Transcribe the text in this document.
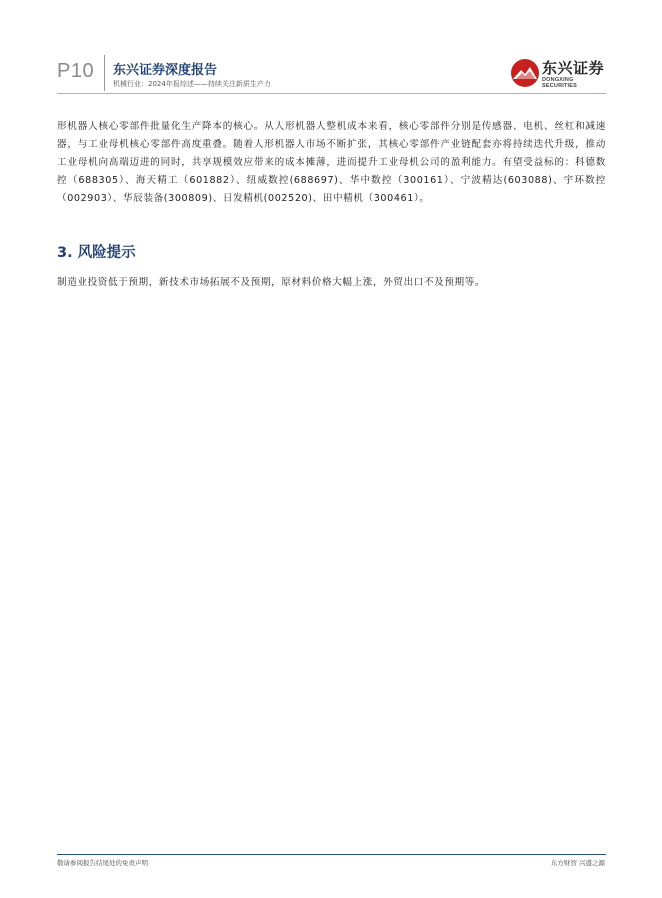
P10 东兴证券深度报告
机械行业：2024年报综述——持续关注新质生产力
东兴证券
DONGXING SECURITIES

形机器人核心零部件批量化生产降本的核心。从人形机器人整机成本来看，核心零部件分别是传感器、电机、丝杠和减速器，与工业母机核心零部件高度重叠。随着人形机器人市场不断扩张，其核心零部件产业链配套亦将持续迭代升级，推动工业母机向高端迈进的同时，共享规模效应带来的成本摊薄，进而提升工业母机公司的盈利能力。有望受益标的：科德数控（688305）、海天精工（601882）、纽威数控(688697)、华中数控（300161）、宁波精达(603088)、宇环数控（002903）、华辰装备(300809)、日发精机(002520)、田中精机（300461）。

3. 风险提示

制造业投资低于预期，新技术市场拓展不及预期，原材料价格大幅上涨，外贸出口不及预期等。

敬请参阅报告结尾处的免责声明	东方财智 兴盛之源
